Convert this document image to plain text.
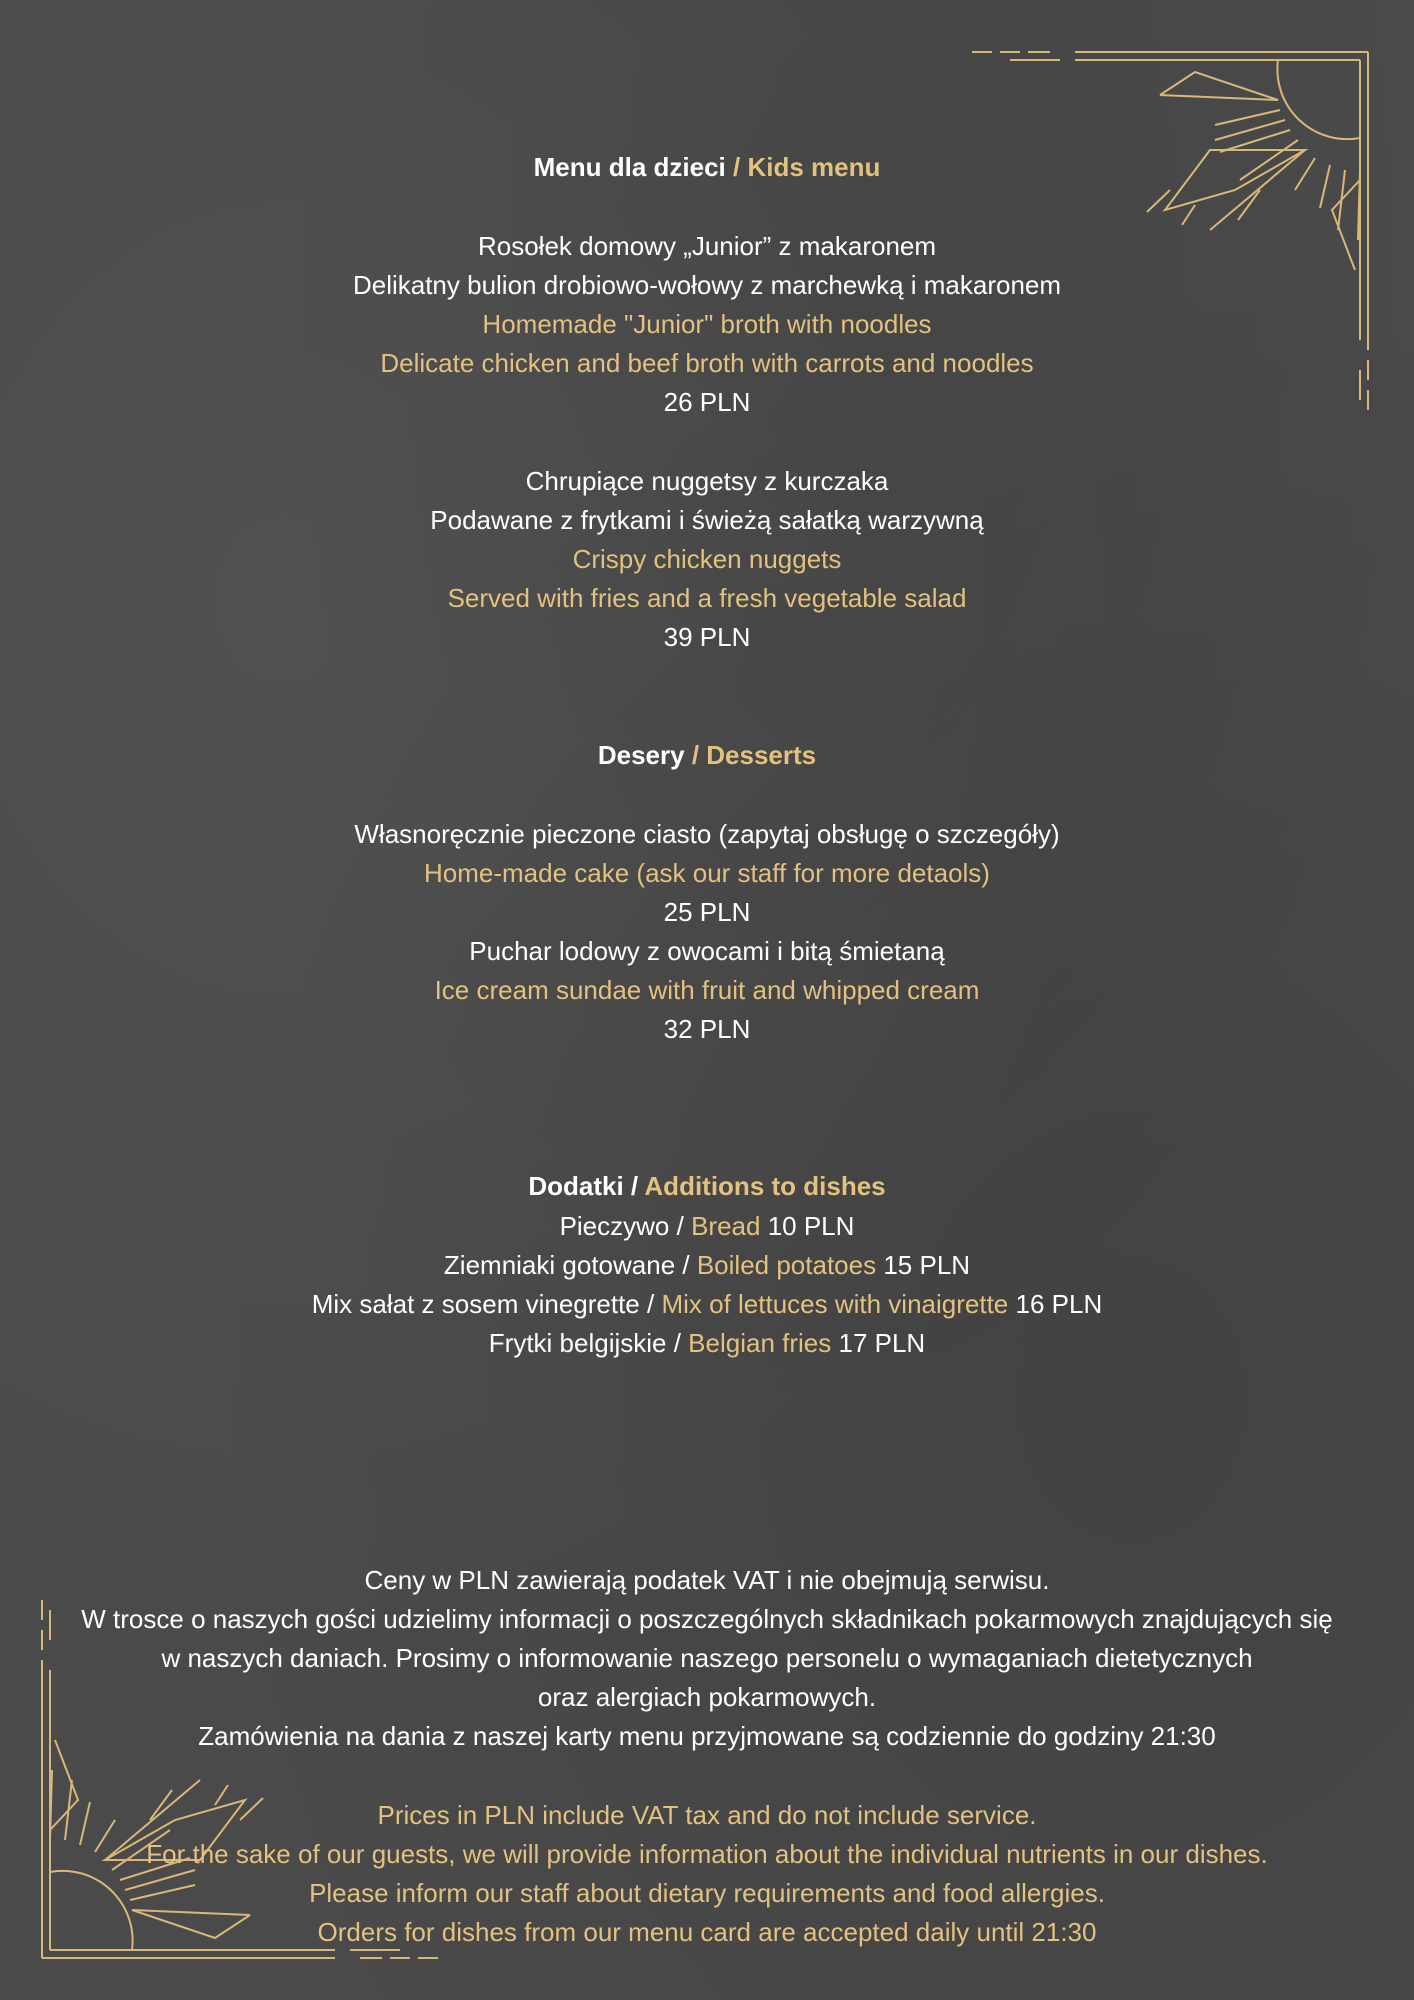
Menu dla dzieci / Kids menu
Rosołek domowy „Junior” z makaronem
Delikatny bulion drobiowo-wołowy z marchewką i makaronem
Homemade "Junior" broth with noodles
Delicate chicken and beef broth with carrots and noodles
26 PLN
Chrupiące nuggetsy z kurczaka
Podawane z frytkami i świeżą sałatką warzywną
Crispy chicken nuggets
Served with fries and a fresh vegetable salad
39 PLN
Desery / Desserts
Własnoręcznie pieczone ciasto (zapytaj obsługę o szczegóły)
Home-made cake (ask our staff for more detaols)
25 PLN
Puchar lodowy z owocami i bitą śmietaną
Ice cream sundae with fruit and whipped cream
32 PLN
Dodatki / Additions to dishes
Pieczywo / Bread 10 PLN
Ziemniaki gotowane / Boiled potatoes 15 PLN
Mix sałat z sosem vinegrette / Mix of lettuces with vinaigrette 16 PLN
Frytki belgijskie / Belgian fries 17 PLN
Ceny w PLN zawierają podatek VAT i nie obejmują serwisu.
W trosce o naszych gości udzielimy informacji o poszczególnych składnikach pokarmowych znajdujących się
w naszych daniach. Prosimy o informowanie naszego personelu o wymaganiach dietetycznych
oraz alergiach pokarmowych.
Zamówienia na dania z naszej karty menu przyjmowane są codziennie do godziny 21:30
Prices in PLN include VAT tax and do not include service.
For the sake of our guests, we will provide information about the individual nutrients in our dishes.
Please inform our staff about dietary requirements and food allergies.
Orders for dishes from our menu card are accepted daily until 21:30
